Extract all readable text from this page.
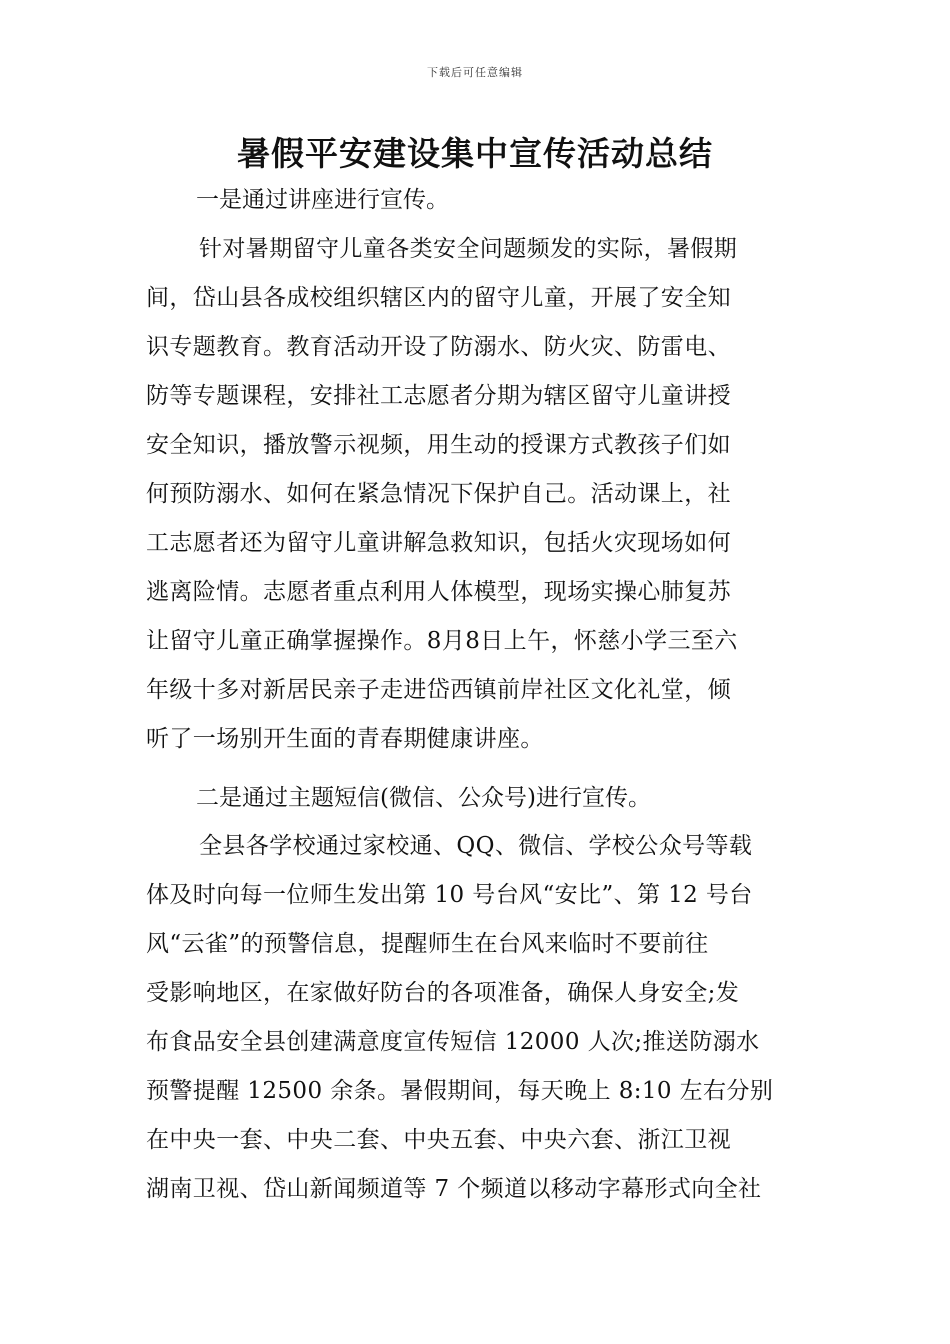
下载后可任意编辑
暑假平安建设集中宣传活动总结
一是通过讲座进行宣传。
针对暑期留守儿童各类安全问题频发的实际，暑假期
间，岱山县各成校组织辖区内的留守儿童，开展了安全知
识专题教育。教育活动开设了防溺水、防火灾、防雷电、
防等专题课程，安排社工志愿者分期为辖区留守儿童讲授
安全知识，播放警示视频，用生动的授课方式教孩子们如
何预防溺水、如何在紧急情况下保护自己。活动课上，社
工志愿者还为留守儿童讲解急救知识，包括火灾现场如何
逃离险情。志愿者重点利用人体模型，现场实操心肺复苏
让留守儿童正确掌握操作。8月8日上午，怀慈小学三至六
年级十多对新居民亲子走进岱西镇前岸社区文化礼堂，倾
听了一场别开生面的青春期健康讲座。
二是通过主题短信(微信、公众号)进行宣传。
全县各学校通过家校通、QQ、微信、学校公众号等载
体及时向每一位师生发出第 10 号台风“安比”、第 12 号台
风“云雀”的预警信息，提醒师生在台风来临时不要前往
受影响地区，在家做好防台的各项准备，确保人身安全;发
布食品安全县创建满意度宣传短信 12000 人次;推送防溺水
预警提醒 12500 余条。暑假期间，每天晚上 8:10 左右分别
在中央一套、中央二套、中央五套、中央六套、浙江卫视
湖南卫视、岱山新闻频道等 7 个频道以移动字幕形式向全社
